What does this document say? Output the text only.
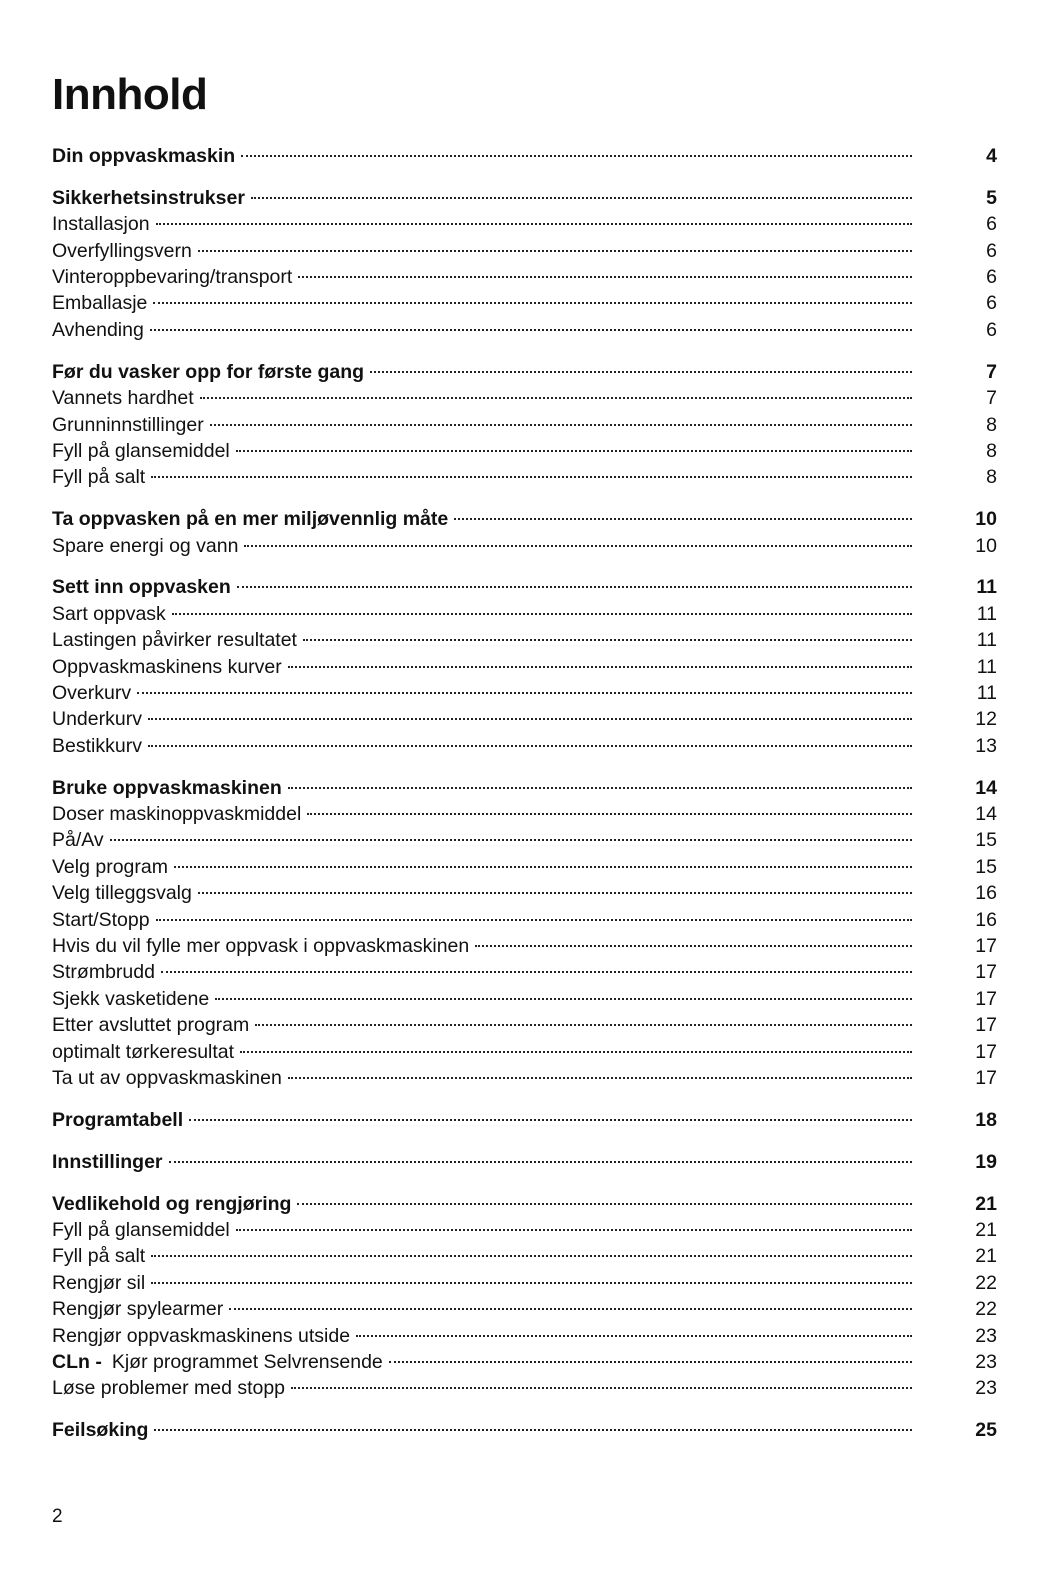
Innhold
Din oppvaskmaskin	4
Sikkerhetsinstrukser	5
Installasjon	6
Overfyllingsvern	6
Vinteroppbevaring/transport	6
Emballasje	6
Avhending	6
Før du vasker opp for første gang	7
Vannets hardhet	7
Grunninnstillinger	8
Fyll på glansemiddel	8
Fyll på salt	8
Ta oppvasken på en mer miljøvennlig måte	10
Spare energi og vann	10
Sett inn oppvasken	11
Sart oppvask	11
Lastingen påvirker resultatet	11
Oppvaskmaskinens kurver	11
Overkurv	11
Underkurv	12
Bestikkurv	13
Bruke oppvaskmaskinen	14
Doser maskinoppvaskmiddel	14
På/Av	15
Velg program	15
Velg tilleggsvalg	16
Start/Stopp	16
Hvis du vil fylle mer oppvask i oppvaskmaskinen	17
Strømbrudd	17
Sjekk vasketidene	17
Etter avsluttet program	17
optimalt tørkeresultat	17
Ta ut av oppvaskmaskinen	17
Programtabell	18
Innstillinger	19
Vedlikehold og rengjøring	21
Fyll på glansemiddel	21
Fyll på salt	21
Rengjør sil	22
Rengjør spylearmer	22
Rengjør oppvaskmaskinens utside	23
CLn - Kjør programmet Selvrensende	23
Løse problemer med stopp	23
Feilsøking	25
2
